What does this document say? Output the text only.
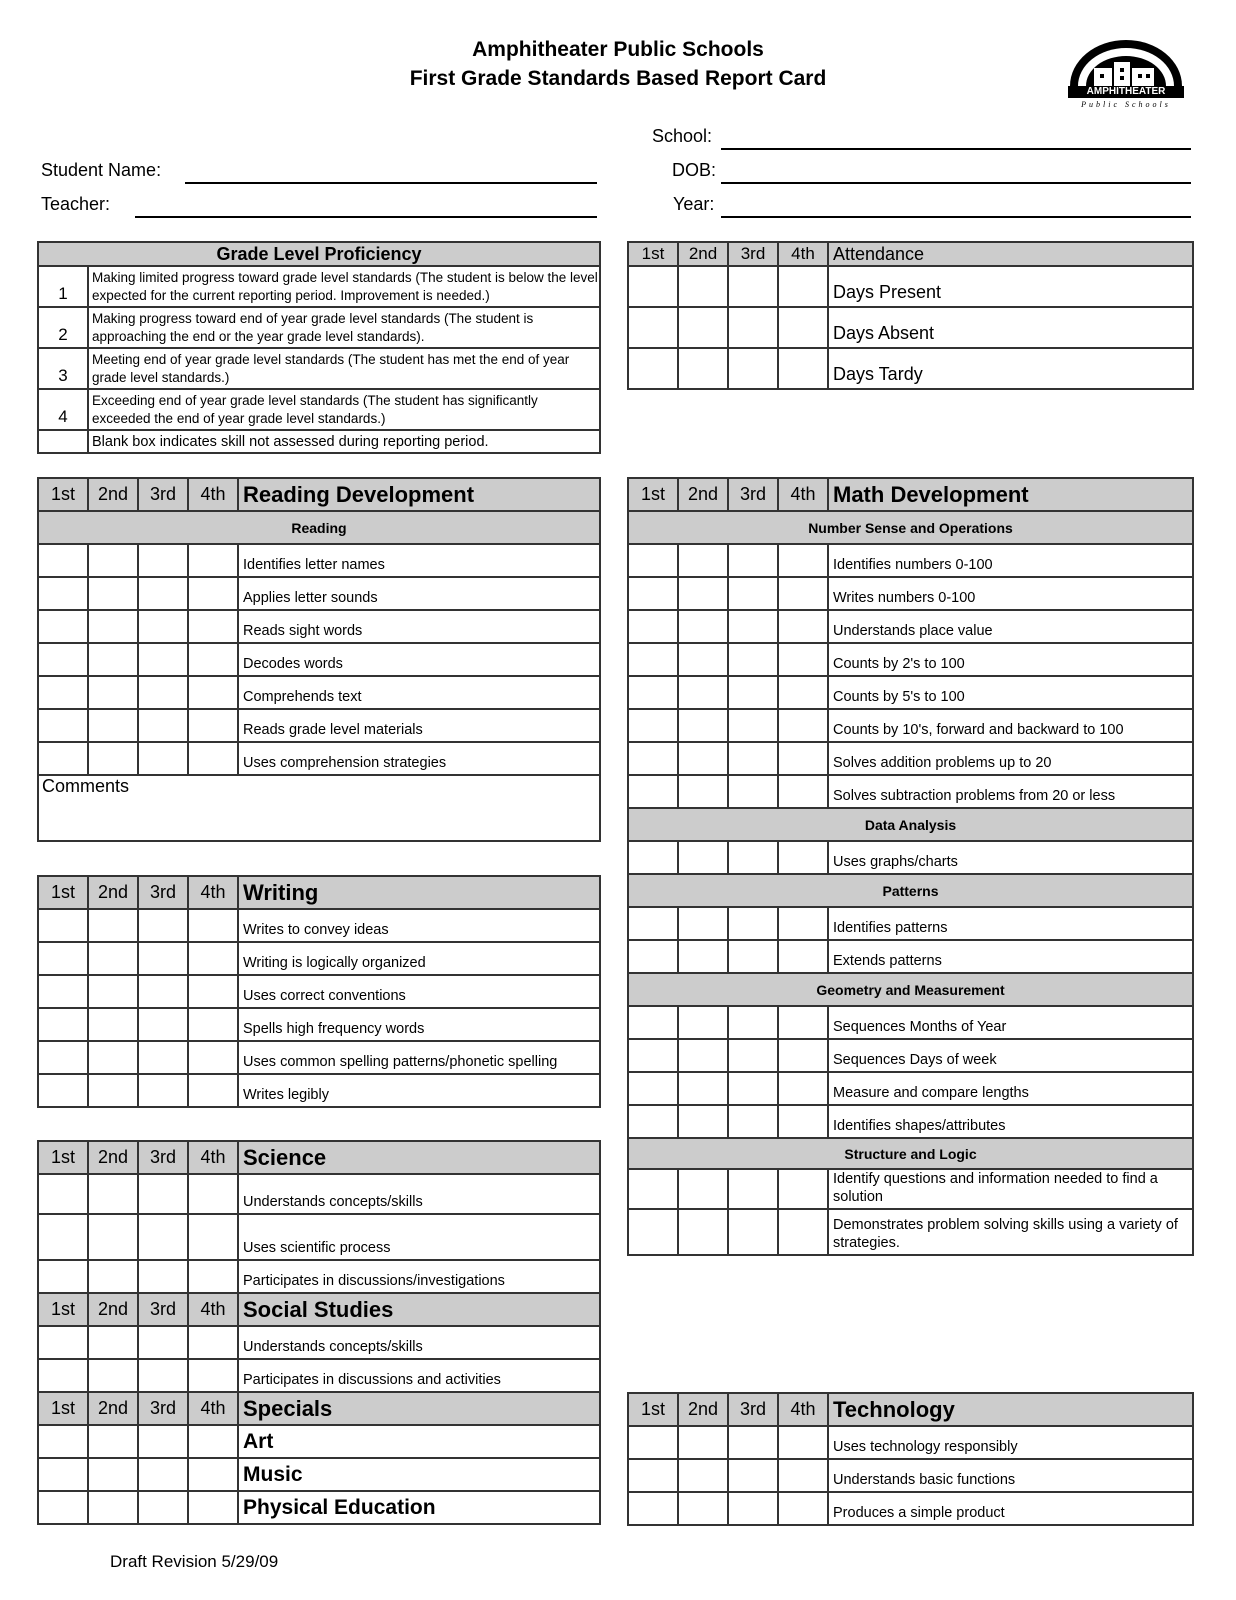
Amphitheater Public Schools
First Grade Standards Based Report Card
AMPHITHEATER
Public Schools
School:
Student Name:	DOB:
Teacher:	Year:
Grade Level Proficiency	
1	Making limited progress toward grade level standards (The student is below the level expected for the current reporting period. Improvement is needed.)
2	Making progress toward end of year grade level standards (The student is approaching the end or the year grade level standards).
3	Meeting end of year grade level standards (The student has met the end of year grade level standards.)
4	Exceeding end of year grade level standards (The student has significantly exceeded the end of year grade level standards.)
	Blank box indicates skill not assessed during reporting period.
1st	2nd	3rd	4th	Attendance
				Days Present
				Days Absent
				Days Tardy
1st	2nd	3rd	4th	Reading Development
Reading				
				Identifies letter names
				Applies letter sounds
				Reads sight words
				Decodes words
				Comprehends text
				Reads grade level materials
				Uses comprehension strategies
Comments				
1st	2nd	3rd	4th	Writing
				Writes to convey ideas
				Writing is logically organized
				Uses correct conventions
				Spells high frequency words
				Uses common spelling patterns/phonetic spelling
				Writes legibly
1st	2nd	3rd	4th	Science
				Understands concepts/skills
				Uses scientific process
				Participates in discussions/investigations
1st	2nd	3rd	4th	Social Studies
				Understands concepts/skills
				Participates in discussions and activities
1st	2nd	3rd	4th	Specials
				Art
				Music
				Physical Education
1st	2nd	3rd	4th	Math Development
Number Sense and Operations				
				Identifies numbers 0-100
				Writes numbers 0-100
				Understands place value
				Counts by 2's to 100
				Counts by 5's to 100
				Counts by 10's, forward and backward to 100
				Solves addition problems up to 20
				Solves subtraction problems from 20 or less
Data Analysis				
				Uses graphs/charts
Patterns				
				Identifies patterns
				Extends patterns
Geometry and Measurement				
				Sequences Months of Year
				Sequences Days of week
				Measure and compare lengths
				Identifies shapes/attributes
Structure and Logic				
				Identify questions and information needed to find a solution
				Demonstrates problem solving skills using a variety of strategies.
1st	2nd	3rd	4th	Technology
				Uses technology responsibly
				Understands basic functions
				Produces a simple product
Draft Revision 5/29/09
